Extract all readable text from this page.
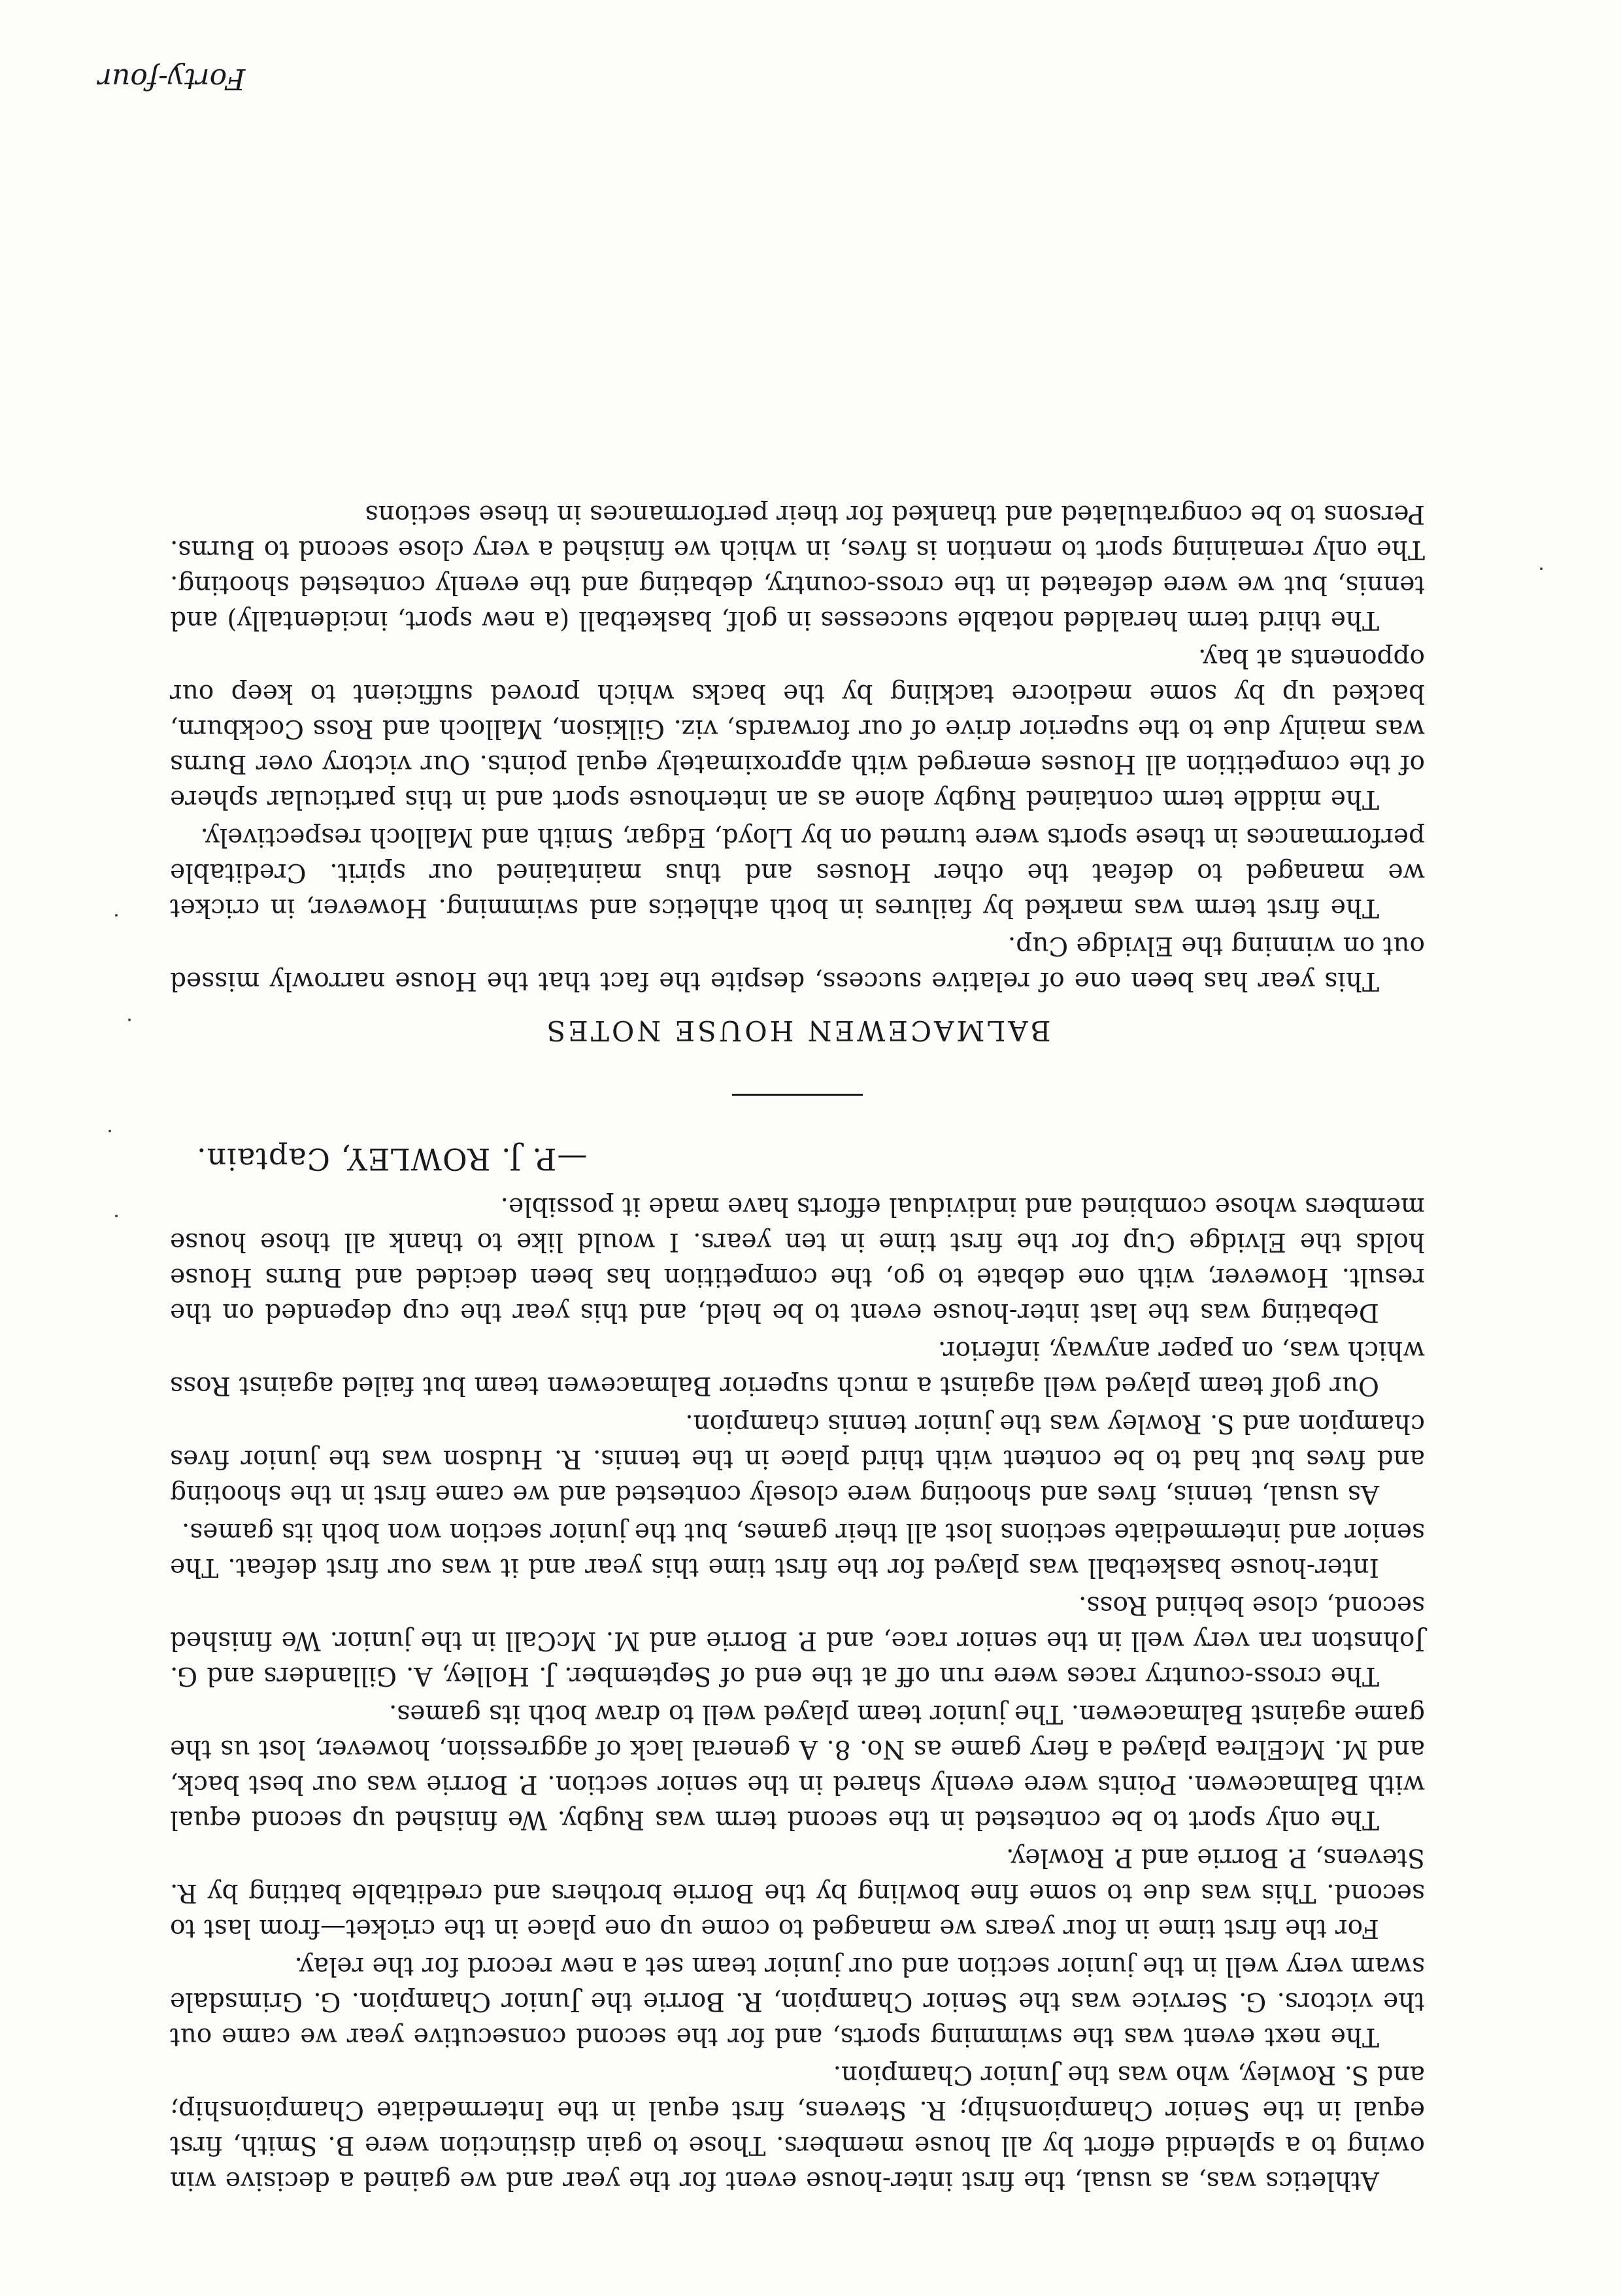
Athletics was, as usual, the first inter-house event for the year and we gained a decisive win owing to a splendid effort by all house members. Those to gain distinction were B. Smith, first equal in the Senior Championship; R. Stevens, first equal in the Intermediate Championship; and S. Rowley, who was the Junior Champion.

The next event was the swimming sports, and for the second consecutive year we came out the victors. G. Service was the Senior Champion, R. Borrie the Junior Champion. G. Grimsdale swam very well in the junior section and our junior team set a new record for the relay.

For the first time in four years we managed to come up one place in the cricket—from last to second. This was due to some fine bowling by the Borrie brothers and creditable batting by R. Stevens, P. Borrie and P. Rowley.

The only sport to be contested in the second term was Rugby. We finished up second equal with Balmacewen. Points were evenly shared in the senior section. P. Borrie was our best back, and M. McElrea played a fiery game as No. 8. A general lack of aggression, however, lost us the game against Balmacewen. The junior team played well to draw both its games.

The cross-country races were run off at the end of September. J. Holley, A. Gillanders and G. Johnston ran very well in the senior race, and P. Borrie and M. McCall in the junior. We finished second, close behind Ross.

Inter-house basketball was played for the first time this year and it was our first defeat. The senior and intermediate sections lost all their games, but the junior section won both its games.

As usual, tennis, fives and shooting were closely contested and we came first in the shooting and fives but had to be content with third place in the tennis. R. Hudson was the junior fives champion and S. Rowley was the junior tennis champion.

Our golf team played well against a much superior Balmacewen team but failed against Ross which was, on paper anyway, inferior.

Debating was the last inter-house event to be held, and this year the cup depended on the result. However, with one debate to go, the competition has been decided and Burns House holds the Elvidge Cup for the first time in ten years. I would like to thank all those house members whose combined and individual efforts have made it possible.

—P. J. ROWLEY, Captain.
BALMACEWEN HOUSE NOTES

This year has been one of relative success, despite the fact that the House narrowly missed out on winning the Elvidge Cup.

The first term was marked by failures in both athletics and swimming. However, in cricket we managed to defeat the other Houses and thus maintained our spirit. Creditable performances in these sports were turned on by Lloyd, Edgar, Smith and Malloch respectively.

The middle term contained Rugby alone as an interhouse sport and in this particular sphere of the competition all Houses emerged with approximately equal points. Our victory over Burns was mainly due to the superior drive of our forwards, viz. Gilkison, Malloch and Ross Cockburn, backed up by some mediocre tackling by the backs which proved sufficient to keep our opponents at bay.

The third term heralded notable successes in golf, basketball (a new sport, incidentally) and tennis, but we were defeated in the cross-country, debating and the evenly contested shooting. The only remaining sport to mention is fives, in which we finished a very close second to Burns. Persons to be congratulated and thanked for their performances in these sections

Forty-four
